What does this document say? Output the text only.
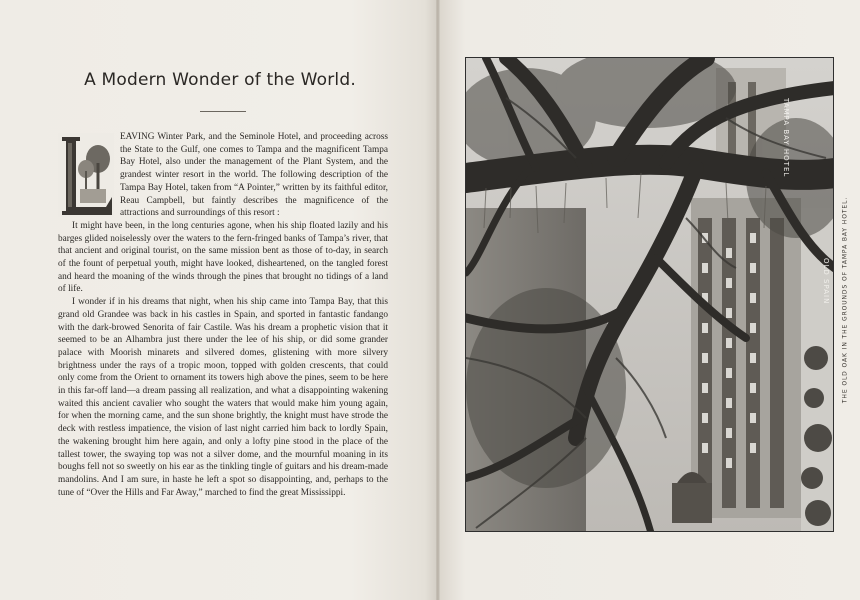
A Modern Wonder of the World.

EAVING Winter Park, and the Seminole Hotel, and proceeding across the State to the Gulf, one comes to Tampa and the magnificent Tampa Bay Hotel, also under the management of the Plant System, and the grandest winter resort in the world. The following description of the Tampa Bay Hotel, taken from “A Pointer,” written by its faithful editor, Reau Campbell, but faintly describes the magnificence of the attractions and surroundings of this resort :

It might have been, in the long centuries agone, when his ship floated lazily and his barges glided noiselessly over the waters to the fern-fringed banks of Tampa’s river, that that ancient and original tourist, on the same mission bent as those of to-day, in search of the fount of perpetual youth, might have looked, disheartened, on the tangled forest and heard the moaning of the winds through the pines that brought no tidings of a land of life.

I wonder if in his dreams that night, when his ship came into Tampa Bay, that this grand old Grandee was back in his castles in Spain, and sported in fantastic fandango with the dark-browed Senorita of fair Castile. Was his dream a prophetic vision that it seemed to be an Alhambra just there under the lee of his ship, or did some grander palace with Moorish minarets and silvered domes, glistening with more silvery brightness under the rays of a tropic moon, topped with golden crescents, that could only come from the Orient to ornament its towers high above the pines, seem to be here in this far-off land—a dream passing all realization, and what a disappointing wakening waited this ancient cavalier who sought the waters that would make him young again, for when the morning came, and the sun shone brightly, the knight must have strode the deck with restless impatience, the vision of last night carried him back to lordly Spain, the wakening brought him here again, and only a lofty pine stood in the place of the tallest tower, the swaying top was not a silver dome, and the mournful moaning in its boughs fell not so sweetly on his ear as the tinkling tingle of guitars and his dream-made mandolins. And I am sure, in haste he left a spot so disappointing, and, perhaps to the tune of “Over the Hills and Far Away,” marched to find the great Mississippi.

TAMPA BAY HOTEL
OLD SPAIN THE OLD OAK IN THE GROUNDS OF TAMPA BAY HOTEL.
